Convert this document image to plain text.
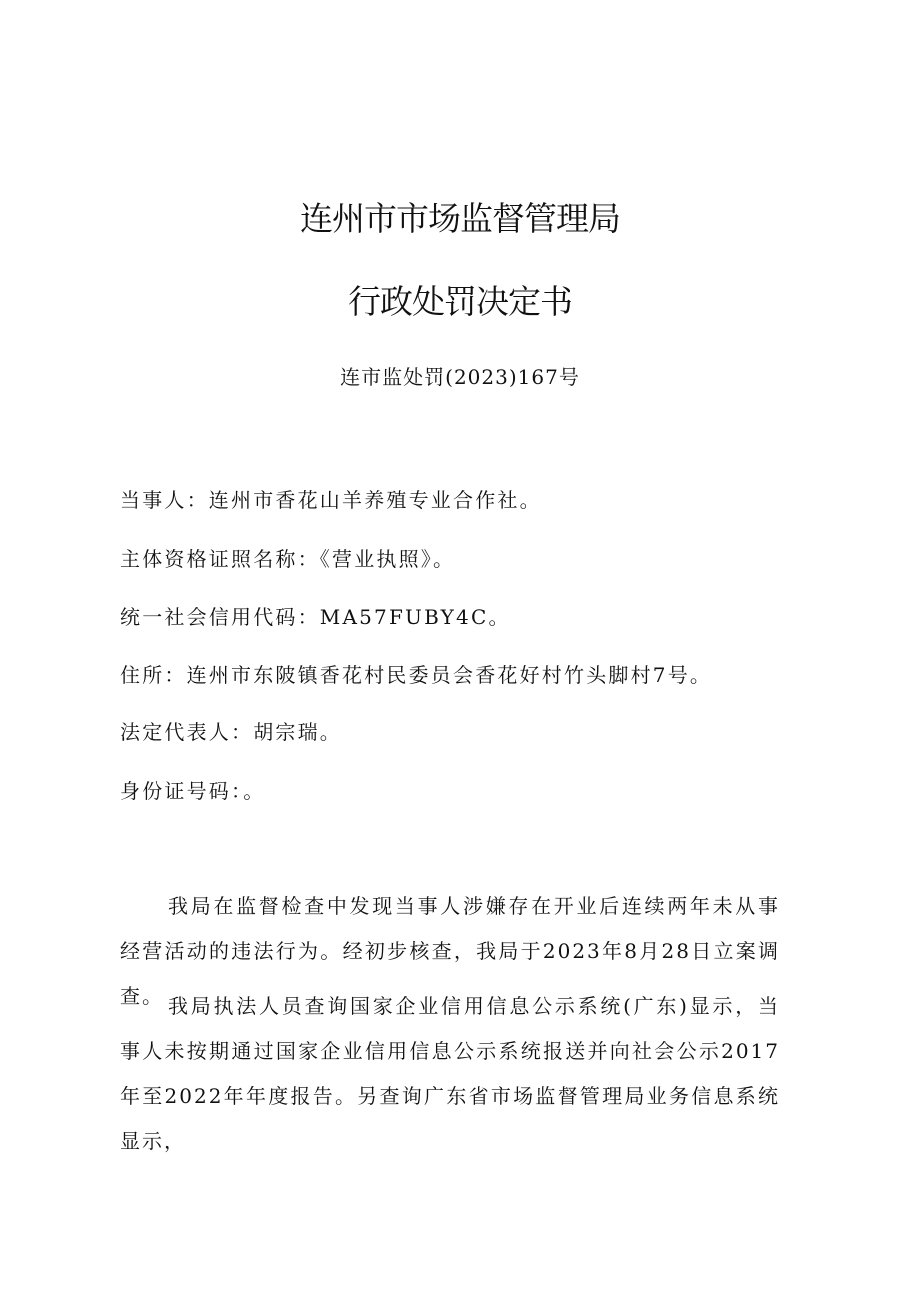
连州市市场监督管理局
行政处罚决定书
连市监处罚(2023)167号
当事人：连州市香花山羊养殖专业合作社。
主体资格证照名称：《营业执照》。
统一社会信用代码：MA57FUBY4C。
住所：连州市东陂镇香花村民委员会香花好村竹头脚村7号。
法定代表人：胡宗瑞。
身份证号码：。
我局在监督检查中发现当事人涉嫌存在开业后连续两年未从事经营活动的违法行为。经初步核查，我局于2023年8月28日立案调查。 我局执法人员查询国家企业信用信息公示系统(广东)显示，当事人未按期通过国家企业信用信息公示系统报送并向社会公示2017年至2022年年度报告。另查询广东省市场监督管理局业务信息系统显示，
